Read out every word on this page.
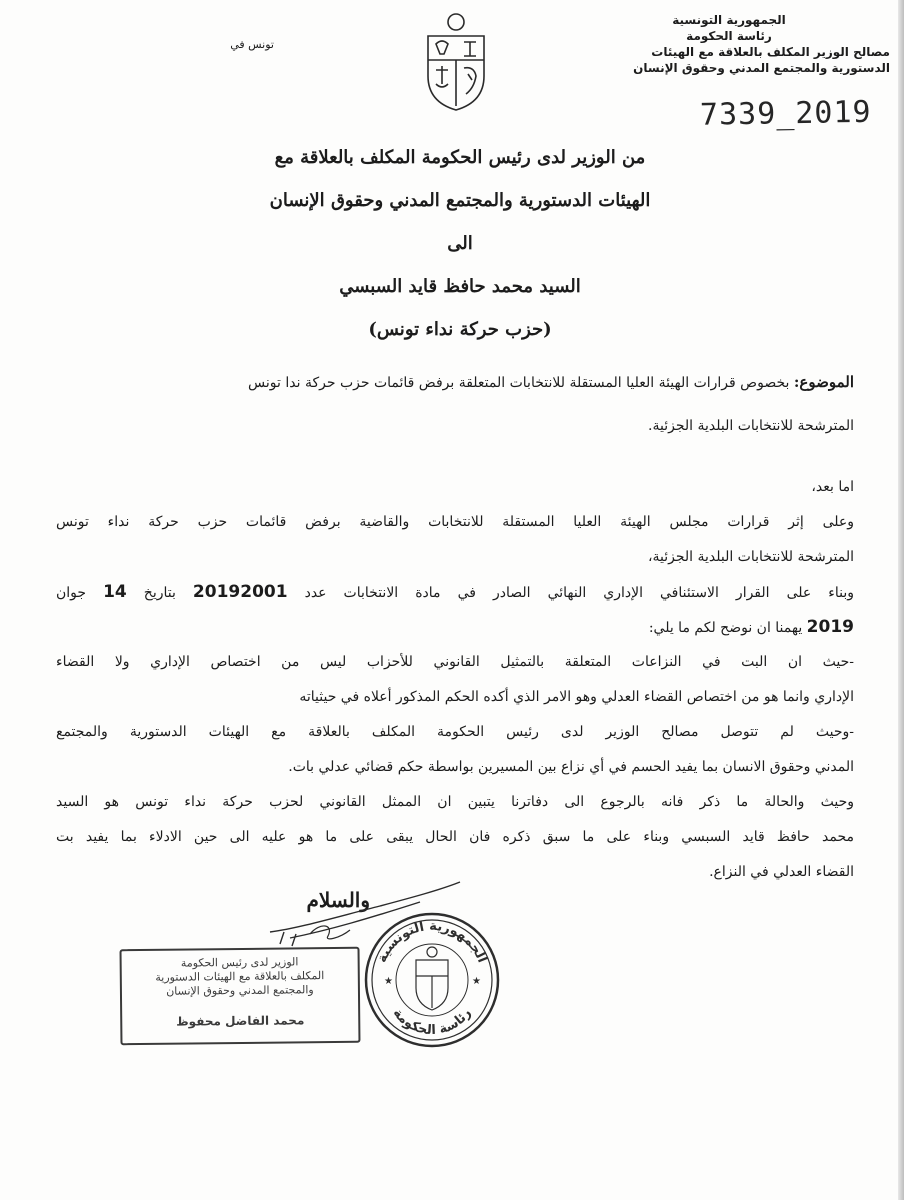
الجمهورية التونسية
رئاسة الحكومة
مصالح الوزير المكلف بالعلاقة مع الهيئات
الدستورية والمجتمع المدني وحقوق الإنسان
تونس في
7339_2019
من الوزير لدى رئيس الحكومة المكلف بالعلاقة مع
الهيئات الدستورية والمجتمع المدني وحقوق الإنسان
الى
السيد محمد حافظ قايد السبسي
(حزب حركة نداء تونس)
الموضوع: بخصوص قرارات الهيئة العليا المستقلة للانتخابات المتعلقة برفض قائمات حزب حركة ندا تونس
المترشحة للانتخابات البلدية الجزئية.
اما بعد،
وعلى إثر قرارات مجلس الهيئة العليا المستقلة للانتخابات والقاضية برفض قائمات حزب حركة نداء تونس
المترشحة للانتخابات البلدية الجزئية،
وبناء على القرار الاستئنافي الإداري النهائي الصادر في مادة الانتخابات عدد 20192001 بتاريخ 14 جوان
2019 يهمنا ان نوضح لكم ما يلي:
-حيث ان البت في النزاعات المتعلقة بالتمثيل القانوني للأحزاب ليس من اختصاص الإداري ولا القضاء
الإداري وانما هو من اختصاص القضاء العدلي وهو الامر الذي أكده الحكم المذكور أعلاه في حيثياته
-وحيث لم تتوصل مصالح الوزير لدى رئيس الحكومة المكلف بالعلاقة مع الهيئات الدستورية والمجتمع
المدني وحقوق الانسان بما يفيد الحسم في أي نزاع بين المسيرين بواسطة حكم قضائي عدلي بات.
وحيث والحالة ما ذكر فانه بالرجوع الى دفاترنا يتبين ان الممثل القانوني لحزب حركة نداء تونس هو السيد
محمد حافظ قايد السبسي وبناء على ما سبق ذكره فان الحال يبقى على ما هو عليه الى حين الادلاء بما يفيد بت
القضاء العدلي في النزاع.
والسلام
الوزير لدى رئيس الحكومة
المكلف بالعلاقة مع الهيئات الدستورية
والمجتمع المدني وحقوق الإنسان
محمد الفاضل محفوظ
الجمهورية التونسية
رئاسة الحكومة
★	★
